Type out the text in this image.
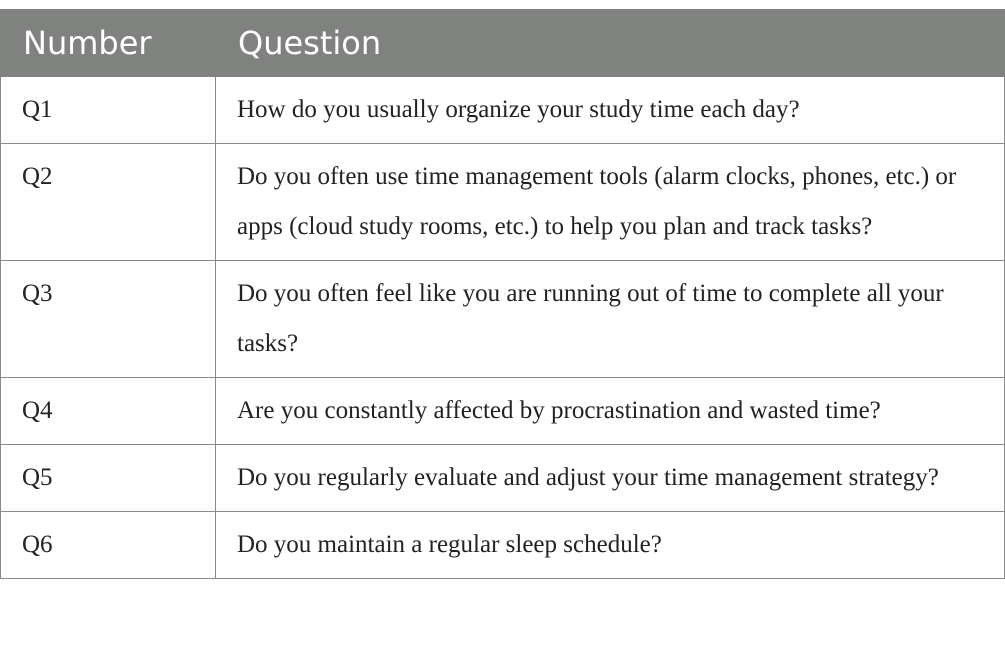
Number	Question
Q1	How do you usually organize your study time each day?
Q2	Do you often use time management tools (alarm clocks, phones, etc.) or apps (cloud study rooms, etc.) to help you plan and track tasks?
Q3	Do you often feel like you are running out of time to complete all your tasks?
Q4	Are you constantly affected by procrastination and wasted time?
Q5	Do you regularly evaluate and adjust your time management strategy?
Q6	Do you maintain a regular sleep schedule?
